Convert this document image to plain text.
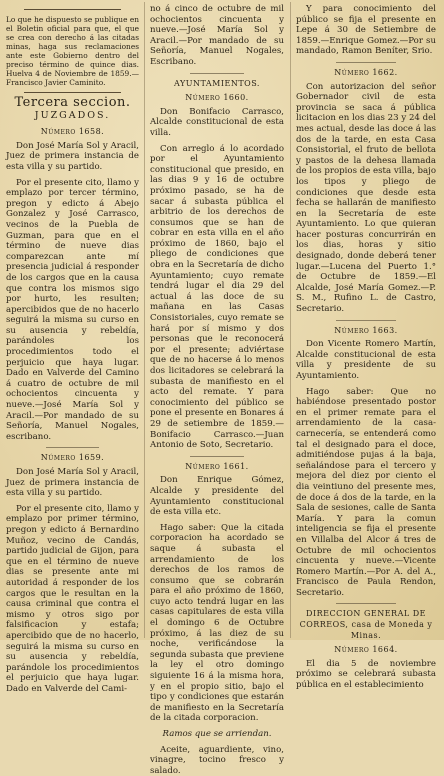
Lo que he dispuesto se publique en el Boletin oficial para que, el que se crea con derecho á las citadas minas, haga sus reclamaciones ante este Gobierno dentro del preciso término de quince dias. Huelva 4 de Noviembre de 1859.—Francisco Javier Caminito.

Tercera seccion.
JUZGADOS.
Número 1658.

Don José María Sol y Aracil, Juez de primera instancia de esta villa y su partido.

Por el presente cito, llamo y emplazo por tercer término, pregon y edicto á Abejo Gonzalez y José Carrasco, vecinos de la Puebla de Guzman, para que en el término de nueve dias comparezcan ante mí presencia judicial á responder de los cargos que en la causa que contra los mismos sigo por hurto, les resulten; apercibidos que de no hacerlo seguirá la misma su curso en su ausencia y rebeldía, parándoles los procedimientos todo el perjuicio que haya lugar. Dado en Valverde del Camino á cuatro de octubre de mil ochocientos cincuenta y nueve.—José María Sol y Aracil.—Por mandado de su Señoría, Manuel Nogales, escribano.

Número 1659.

Don José María Sol y Aracil, Juez de primera instancia de esta villa y su partido.

Por el presente cito, llamo y emplazo por primer término, pregon y edicto á Bernardino Muñoz, vecino de Candás, partido judicial de Gijon, para que en el término de nueve dias se presente ante mi autoridad á responder de los cargos que le resultan en la causa criminal que contra el mismo y otros sigo por falsificacion y estafa; apercibido que de no hacerlo, seguirá la misma su curso en su ausencia y rebeldía, parándole los procedimientos el perjuicio que haya lugar. Dado en Valverde del Cami-

no á cinco de octubre de mil ochocientos cincuenta y nueve.—José María Sol y Aracil.—Por mandado de su Señoría, Manuel Nogales, Escribano.

AYUNTAMIENTOS.
Número 1660.

Don Bonifacio Carrasco, Alcalde constitucional de esta villa.

Con arreglo á lo acordado por el Ayuntamiento constitucional que presido, en las dias 9 y 16 de octubre próximo pasado, se ha de sacar á subasta pública el arbitrio de los derechos de consumos que se han de cobrar en esta villa en el año próximo de 1860, bajo el pliego de condiciones que obra en la Secretaría de dicho Ayuntamiento; cuyo remate tendrá lugar el dia 29 del actual á las doce de su mañana en las Casas Consistoriales, cuyo remate se hará por sí mismo y dos personas que le reconocerá por el presente; adviértase que de no hacerse á lo menos dos licitadores se celebrará la subasta de manifiesto en el acto del remate. Y para conocimiento del público se pone el presente en Bonares á 29 de setiembre de 1859.—Bonifacio Carrasco.—Juan Antonio de Soto, Secretario.

Número 1661.

Don Enrique Gómez, Alcalde y presidente del Ayuntamiento constitucional de esta villa etc.

Hago saber: Que la citada corporacion ha acordado se saque á subasta el arrendamiento de los derechos de los ramos de consumo que se cobrarán para el año próximo de 1860, cuyo acto tendrá lugar en las casas capitulares de esta villa el domingo 6 de Octubre próximo, á las diez de su noche, verificándose la segunda subasta que previene la ley el otro domingo siguiente 16 á la misma hora, y en el propio sitio, bajo el tipo y condiciones que estarán de manifiesto en la Secretaría de la citada corporacion.

Ramos que se arriendan.

Aceite, aguardiente, vino, vinagre, tocino fresco y salado.

Y para conocimiento del público se fija el presente en Lepe á 30 de Setiembre de 1859.—Enrique Gomez.—Por su mandado, Ramon Beníter, Srio.

Número 1662.

Con autorizacion del señor Gobernador civil de esta provincia se saca á pública licitacion en los dias 23 y 24 del mes actual, desde las doce á las dos de la tarde, en esta Casa Consistorial, el fruto de bellota y pastos de la dehesa llamada de los propios de esta villa, bajo los tipos y pliego de condiciones que desde esta fecha se hallarán de manifiesto en la Secretaría de este Ayuntamiento. Lo que quieran hacer posturas concurrirán en los dias, horas y sitio designado, donde deberá tener lugar.—Lucena del Puerto 1.° de Octubre de 1859.—El Alcalde, José María Gomez.—P. S. M., Rufino L. de Castro, Secretario.

Número 1663.

Don Vicente Romero Martín, Alcalde constitucional de esta villa y presidente de su Ayuntamiento.

Hago saber: Que no habiéndose presentado postor en el primer remate para el arrendamiento de la casa-carnecería, se entenderá como tal el designado para el doce, admitiéndose pujas á la baja, señalándose para el tercero y mejora del diez por ciento el dia veintiuno del presente mes, de doce á dos de la tarde, en la Sala de sesiones, calle de Santa María. Y para la comun inteligencia se fija el presente en Villalba del Alcor á tres de Octubre de mil ochocientos cincuenta y nueve.—Vicente Romero Martín.—Por A. del A., Francisco de Paula Rendon, Secretario.

DIRECCION GENERAL DE CORREOS, casa de Moneda y Minas.
Número 1664.

El dia 5 de noviembre próximo se celebrará subasta pública en el establecimiento
